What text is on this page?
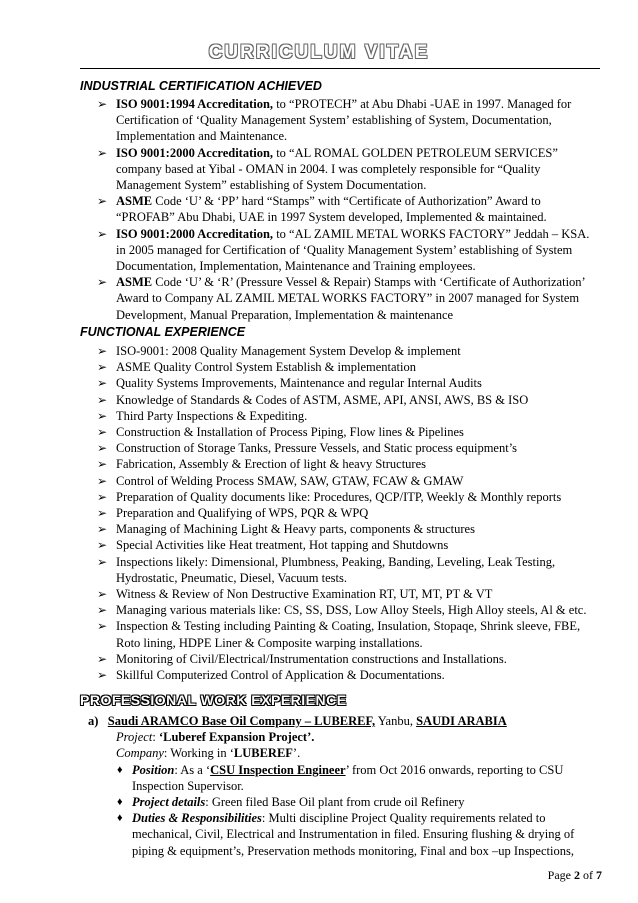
CURRICULUM VITAE
INDUSTRIAL CERTIFICATION ACHIEVED
➢ ISO 9001:1994 Accreditation, to “PROTECH” at Abu Dhabi -UAE in 1997. Managed for Certification of ‘Quality Management System’ establishing of System, Documentation, Implementation and Maintenance.
➢ ISO 9001:2000 Accreditation, to “AL ROMAL GOLDEN PETROLEUM SERVICES” company based at Yibal - OMAN in 2004. I was completely responsible for “Quality Management System” establishing of System Documentation.
➢ ASME Code ‘U’ & ‘PP’ hard “Stamps” with “Certificate of Authorization” Award to “PROFAB” Abu Dhabi, UAE in 1997 System developed, Implemented & maintained.
➢ ISO 9001:2000 Accreditation, to “AL ZAMIL METAL WORKS FACTORY” Jeddah – KSA. in 2005 managed for Certification of ‘Quality Management System’ establishing of System Documentation, Implementation, Maintenance and Training employees.
➢ ASME Code ‘U’ & ‘R’ (Pressure Vessel & Repair) Stamps with ‘Certificate of Authorization’ Award to Company AL ZAMIL METAL WORKS FACTORY” in 2007 managed for System Development, Manual Preparation, Implementation & maintenance
FUNCTIONAL EXPERIENCE
➢ ISO-9001: 2008 Quality Management System Develop & implement
➢ ASME Quality Control System Establish & implementation
➢ Quality Systems Improvements, Maintenance and regular Internal Audits
➢ Knowledge of Standards & Codes of ASTM, ASME, API, ANSI, AWS, BS & ISO
➢ Third Party Inspections & Expediting.
➢ Construction & Installation of Process Piping, Flow lines & Pipelines
➢ Construction of Storage Tanks, Pressure Vessels, and Static process equipment’s
➢ Fabrication, Assembly & Erection of light & heavy Structures
➢ Control of Welding Process SMAW, SAW, GTAW, FCAW & GMAW
➢ Preparation of Quality documents like: Procedures, QCP/ITP, Weekly & Monthly reports
➢ Preparation and Qualifying of WPS, PQR & WPQ
➢ Managing of Machining Light & Heavy parts, components & structures
➢ Special Activities like Heat treatment, Hot tapping and Shutdowns
➢ Inspections likely: Dimensional, Plumbness, Peaking, Banding, Leveling, Leak Testing, Hydrostatic, Pneumatic, Diesel, Vacuum tests.
➢ Witness & Review of Non Destructive Examination RT, UT, MT, PT & VT
➢ Managing various materials like: CS, SS, DSS, Low Alloy Steels, High Alloy steels, Al & etc.
➢ Inspection & Testing including Painting & Coating, Insulation, Stopaqe, Shrink sleeve, FBE, Roto lining, HDPE Liner & Composite warping installations.
➢ Monitoring of Civil/Electrical/Instrumentation constructions and Installations.
➢ Skillful Computerized Control of Application & Documentations.
PROFESSIONAL WORK EXPERIENCE
a) Saudi ARAMCO Base Oil Company – LUBEREF, Yanbu, SAUDI ARABIA
Project: ‘Luberef Expansion Project’.
Company: Working in ‘LUBEREF’.
♦ Position: As a ‘CSU Inspection Engineer’ from Oct 2016 onwards, reporting to CSU Inspection Supervisor.
♦ Project details: Green filed Base Oil plant from crude oil Refinery
♦ Duties & Responsibilities: Multi discipline Project Quality requirements related to mechanical, Civil, Electrical and Instrumentation in filed. Ensuring flushing & drying of piping & equipment’s, Preservation methods monitoring, Final and box –up Inspections,
Page 2 of 7
